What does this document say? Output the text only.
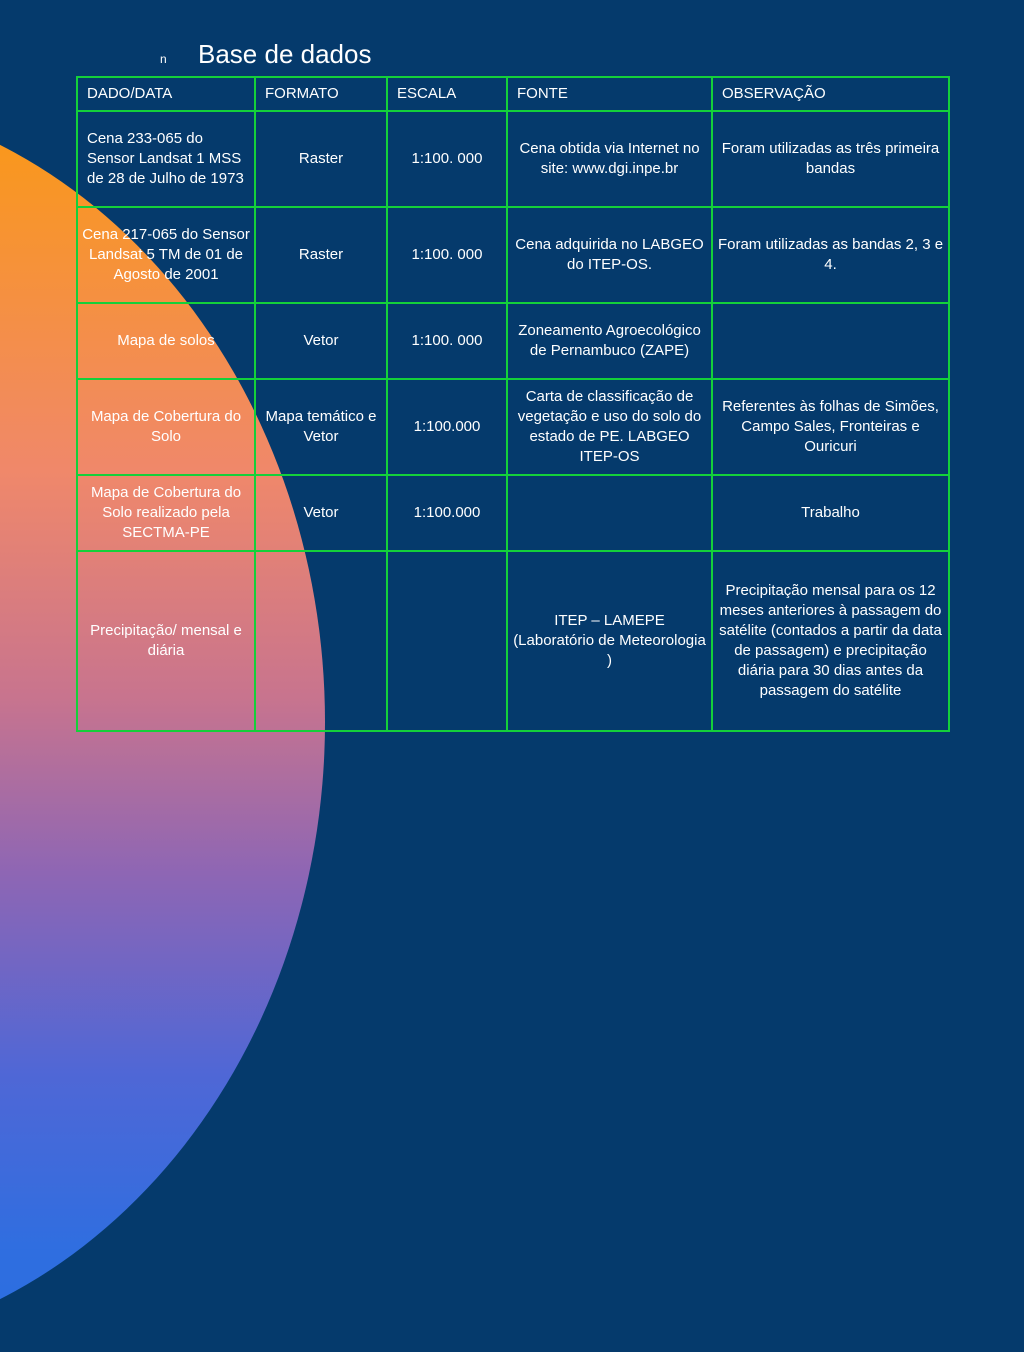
n	Base de dados
DADO/DATA	FORMATO	ESCALA	FONTE	OBSERVAÇÃO
Cena 233-065 do Sensor Landsat 1 MSS de 28 de Julho de 1973	Raster	1:100. 000	Cena obtida via Internet no site: www.dgi.inpe.br	Foram utilizadas as três primeira bandas
Cena 217-065 do Sensor Landsat 5 TM de 01 de Agosto de 2001	Raster	1:100. 000	Cena adquirida no LABGEO do ITEP-OS.	Foram utilizadas as bandas 2, 3 e 4.
Mapa de solos	Vetor	1:100. 000	Zoneamento Agroecológico de Pernambuco (ZAPE)	
Mapa de Cobertura do Solo	Mapa temático e Vetor	1:100.000	Carta de classificação de vegetação e uso do solo do estado de PE. LABGEO ITEP-OS	Referentes às folhas de Simões, Campo Sales, Fronteiras e Ouricuri
Mapa de Cobertura do Solo realizado pela SECTMA-PE	Vetor	1:100.000		Trabalho
Precipitação/ mensal e diária			ITEP – LAMEPE (Laboratório de Meteorologia )	Precipitação mensal para os 12 meses anteriores à passagem do satélite (contados a partir da data de passagem) e precipitação diária para 30 dias antes da passagem do satélite
